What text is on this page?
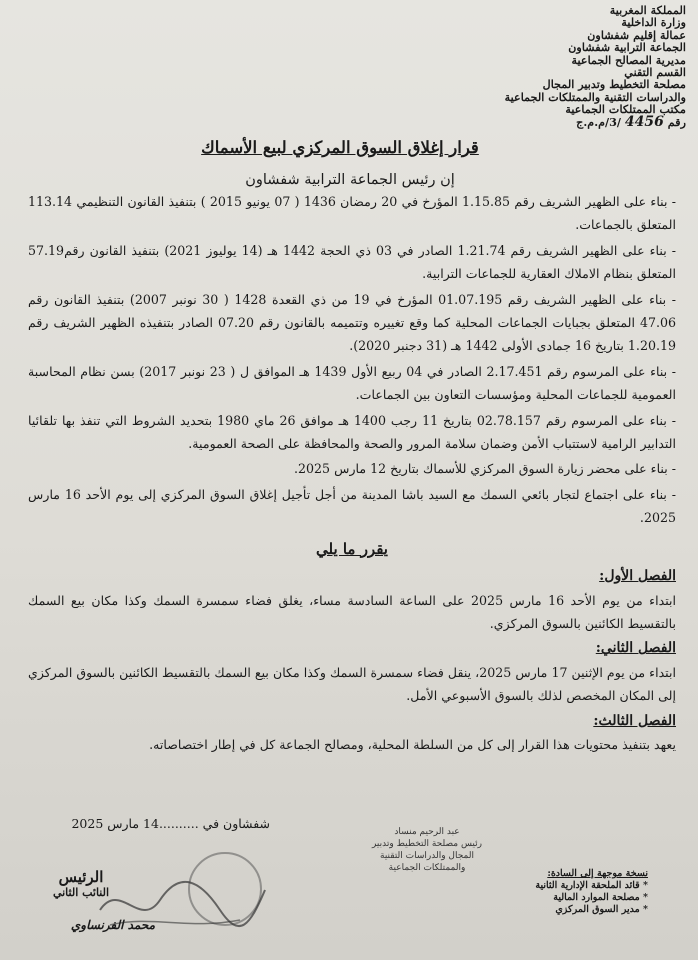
المملكة المغربية
وزارة الداخلية
عمالة إقليم شفشاون
الجماعة الترابية شفشاون
مديرية المصالح الجماعية
القسم التقني
مصلحة التخطيط وتدبير المجال
والدراسات التقنية والممتلكات الجماعية
مكتب الممتلكات الجماعية
رقم 4456 /3/م.م.ج
قرار إغلاق السوق المركزي لبيع الأسماك
إن رئيس الجماعة الترابية شفشاون

- بناء على الظهير الشريف رقم 1.15.85 المؤرخ في 20 رمضان 1436 ( 07 يونيو 2015 ) بتنفيذ القانون التنظيمي 113.14 المتعلق بالجماعات.

- بناء على الظهير الشريف رقم 1.21.74 الصادر في 03 ذي الحجة 1442 هـ (14 يوليوز 2021) بتنفيذ القانون رقم57.19 المتعلق بنظام الاملاك العقارية للجماعات الترابية.

- بناء على الظهير الشريف رقم 01.07.195 المؤرخ في 19 من ذي القعدة 1428 ( 30 نونبر 2007) بتنفيذ القانون رقم 47.06 المتعلق بجبايات الجماعات المحلية كما وقع تغييره وتتميمه بالقانون رقم 07.20 الصادر بتنفيذه الظهير الشريف رقم 1.20.19 بتاريخ 16 جمادى الأولى 1442 هـ (31 دجنبر 2020).

- بناء على المرسوم رقم 2.17.451 الصادر في 04 ربيع الأول 1439 هـ الموافق ل ( 23 نونبر 2017) بسن نظام المحاسبة العمومية للجماعات المحلية ومؤسسات التعاون بين الجماعات.

- بناء على المرسوم رقم 02.78.157 بتاريخ 11 رجب 1400 هـ موافق 26 ماي 1980 بتحديد الشروط التي تنفذ بها تلقائيا التدابير الرامية لاستتباب الأمن وضمان سلامة المرور والصحة والمحافظة على الصحة العمومية.

- بناء على محضر زيارة السوق المركزي للأسماك بتاريخ 12 مارس 2025.

- بناء على اجتماع لتجار بائعي السمك مع السيد باشا المدينة من أجل تأجيل إغلاق السوق المركزي إلى يوم الأحد 16 مارس 2025.

يقرر ما يلي

الفصل الأول:

ابتداء من يوم الأحد 16 مارس 2025 على الساعة السادسة مساء، يغلق فضاء سمسرة السمك وكذا مكان بيع السمك بالتقسيط الكائنين بالسوق المركزي.

الفصل الثاني:

ابتداء من يوم الإثنين 17 مارس 2025، ينقل فضاء سمسرة السمك وكذا مكان بيع السمك بالتقسيط الكائنين بالسوق المركزي إلى المكان المخصص لذلك بالسوق الأسبوعي الأمل.

الفصل الثالث:

يعهد بتنفيذ محتويات هذا القرار إلى كل من السلطة المحلية، ومصالح الجماعة كل في إطار اختصاصاته.

شفشاون في ..........14 مارس 2025
عبد الرحيم منساد
رئيس مصلحة التخطيط وتدبير
المجال والدراسات التقنية
والممتلكات الجماعية	نسخة موجهة إلى السادة:
* قائد الملحقة الإدارية الثانية
* مصلحة الموارد المالية
* مدير السوق المركزي
الرئيس
النائب الثاني
محمد الفرنساوي
